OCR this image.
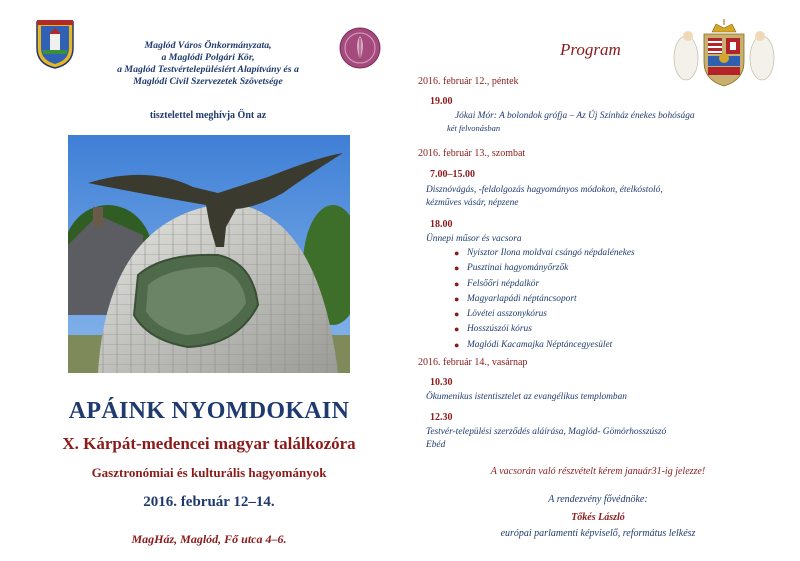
Maglód Város Önkormányzata,
a Maglódi Polgári Kör,
a Maglód Testvértelepülésiért Alapítvány és a
Maglódi Civil Szervezetek Szövetsége
tisztelettel meghívja Önt az
APÁINK NYOMDOKAIN
X. Kárpát-medencei magyar találkozóra
Gasztronómiai és kulturális hagyományok
2016. február 12–14.
MagHáz, Maglód, Fő utca 4–6.
Program
2016. február 12., péntek
19.00
Jókai Mór: A bolondok grófja – Az Új Színház énekes bohósága
két felvonásban
2016. február 13., szombat
7.00–15.00
Disznóvágás, -feldolgozás hagyományos módokon, ételkóstoló,
kézműves vásár, népzene
18.00
Ünnepi műsor és vacsora
● Nyisztor Ilona moldvai csángó népdalénekes
● Pusztinai hagyományőrzők
● Felsőőri népdalkör
● Magyarlapádi néptáncsoport
● Lövétei asszonykórus
● Hosszúszói kórus
● Maglódi Kacamajka Néptáncegyesület
2016. február 14., vasárnap
10.30
Ökumenikus istentisztelet az evangélikus templomban
12.30
Testvér-települési szerződés aláírása, Maglód- Gömörhosszúszó
Ebéd
A vacsorán való részvételt kérem január31-ig jelezze!
A rendezvény fővédnöke:
Tőkés László
európai parlamenti képviselő, református lelkész
